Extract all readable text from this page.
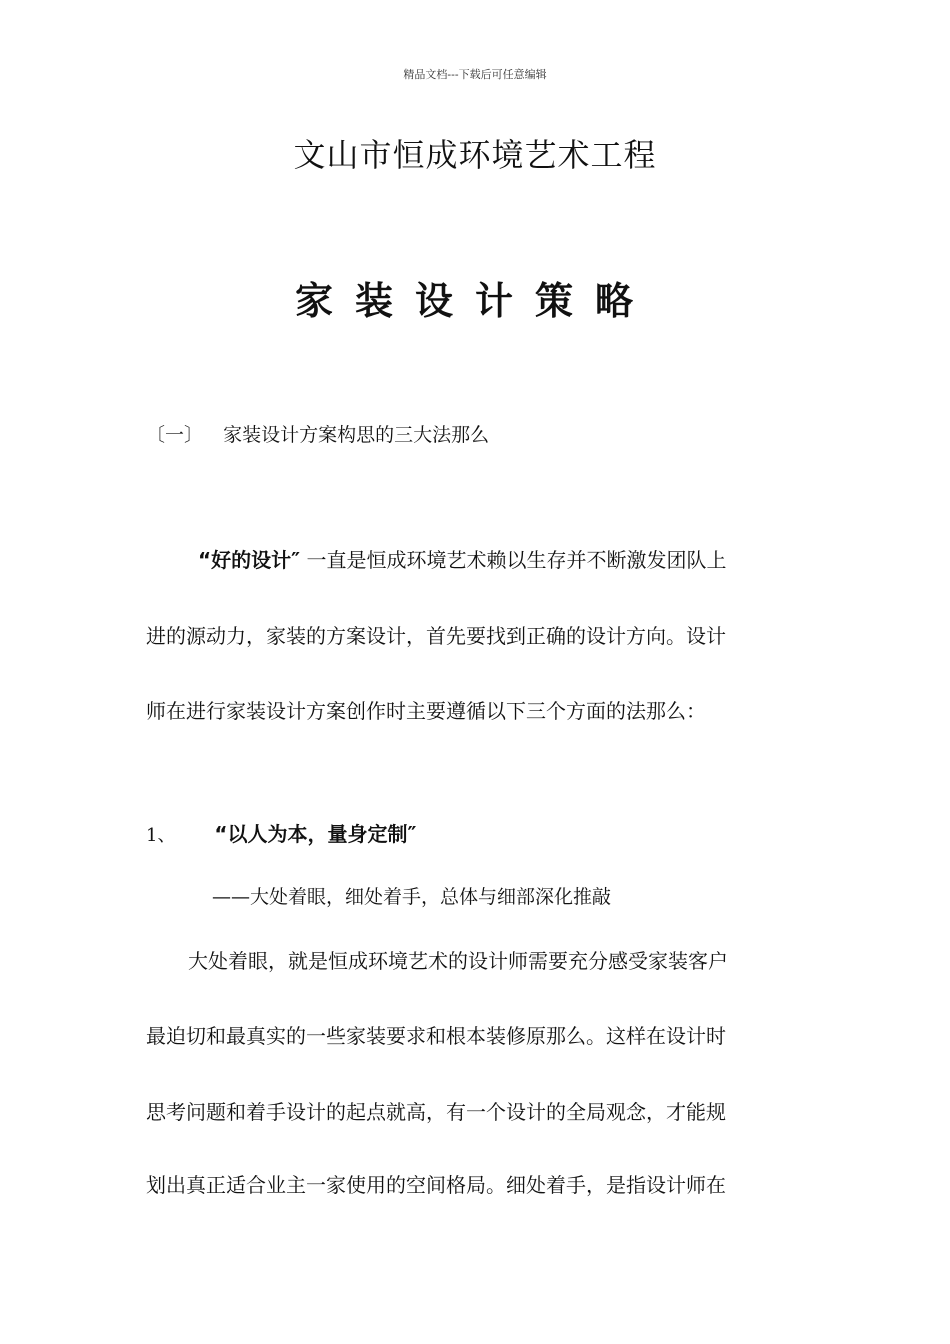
精品文档---下载后可任意编辑
文山市恒成环境艺术工程
家装设计策略
〔一〕 家装设计方案构思的三大法那么
“好的设计″ 一直是恒成环境艺术赖以生存并不断激发团队上
进的源动力，家装的方案设计，首先要找到正确的设计方向。设计
师在进行家装设计方案创作时主要遵循以下三个方面的法那么：
1、 “以人为本，量身定制″
——大处着眼，细处着手，总体与细部深化推敲
大处着眼，就是恒成环境艺术的设计师需要充分感受家装客户
最迫切和最真实的一些家装要求和根本装修原那么。这样在设计时
思考问题和着手设计的起点就高，有一个设计的全局观念，才能规
划出真正适合业主一家使用的空间格局。细处着手，是指设计师在
